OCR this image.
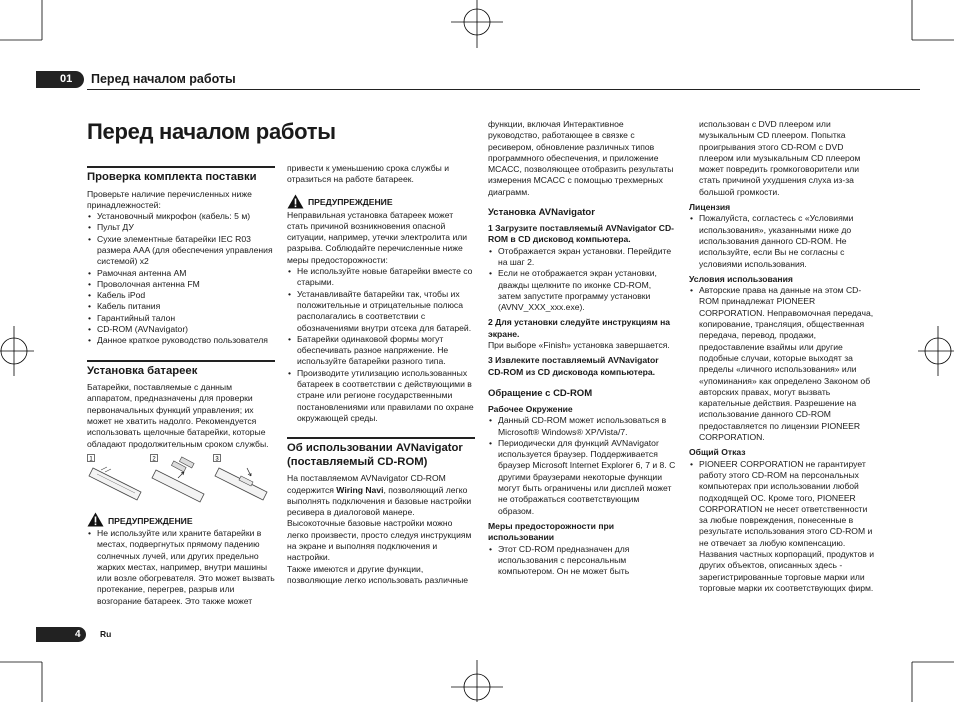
01	Перед началом работы
Перед началом работы
Проверка комплекта поставки
Проверьте наличие перечисленных ниже принадлежностей:
• Установочный микрофон (кабель: 5 м)
• Пульт ДУ
• Сухие элементные батарейки IEC R03 размера AAA (для обеспечения управления системой) x2
• Рамочная антенна AM
• Проволочная антенна FM
• Кабель iPod
• Кабель питания
• Гарантийный талон
• CD-ROM (AVNavigator)
• Данное краткое руководство пользователя
Установка батареек
Батарейки, поставляемые с данным аппаратом, предназначены для проверки первоначальных функций управления; их может не хватить надолго. Рекомендуется использовать щелочные батарейки, которые обладают продолжительным сроком службы.
1	2	3
ПРЕДУПРЕЖДЕНИЕ
• Не используйте или храните батарейки в местах, подвергнутых прямому падению солнечных лучей, или других предельно жарких местах, например, внутри машины или возле обогревателя. Это может вызвать протекание, перегрев, разрыв или возгорание батареек. Это также может
привести к уменьшению срока службы и отразиться на работе батареек.
ПРЕДУПРЕЖДЕНИЕ
Неправильная установка батареек может стать причиной возникновения опасной ситуации, например, утечки электролита или разрыва. Соблюдайте перечисленные ниже меры предосторожности:
• Не используйте новые батарейки вместе со старыми.
• Устанавливайте батарейки так, чтобы их положительные и отрицательные полюса располагались в соответствии с обозначениями внутри отсека для батарей.
• Батарейки одинаковой формы могут обеспечивать разное напряжение. Не используйте батарейки разного типа.
• Производите утилизацию использованных батареек в соответствии с действующими в стране или регионе государственными постановлениями или правилами по охране окружающей среды.
Об использовании AVNavigator (поставляемый CD-ROM)
На поставляемом AVNavigator CD-ROM содержится Wiring Navi, позволяющий легко выполнять подключения и базовые настройки ресивера в диалоговой манере. Высокоточные базовые настройки можно легко произвести, просто следуя инструкциям на экране и выполняя подключения и настройки.
Также имеются и другие функции, позволяющие легко использовать различные
функции, включая Интерактивное руководство, работающее в связке с ресивером, обновление различных типов программного обеспечения, и приложение MCACC, позволяющее отобразить результаты измерения MCACC с помощью трехмерных диаграмм.
Установка AVNavigator
1 Загрузите поставляемый AVNavigator CD-ROM в CD дисковод компьютера.
• Отображается экран установки. Перейдите на шаг 2.
• Если не отображается экран установки, дважды щелкните по иконке CD-ROM, затем запустите программу установки (AVNV_XXX_xxx.exe).
2 Для установки следуйте инструкциям на экране.
При выборе «Finish» установка завершается.
3 Извлеките поставляемый AVNavigator CD-ROM из CD дисковода компьютера.
Обращение с CD-ROM
Рабочее Окружение
• Данный CD-ROM может использоваться в Microsoft® Windows® XP/Vista/7.
• Периодически для функций AVNavigator используется браузер. Поддерживается браузер Microsoft Internet Explorer 6, 7 и 8. С другими браузерами некоторые функции могут быть ограничены или дисплей может не отображаться соответствующим образом.
Меры предосторожности при использовании
• Этот CD-ROM предназначен для использования с персональным компьютером. Он не может быть
использован с DVD плеером или музыкальным CD плеером. Попытка проигрывания этого CD-ROM с DVD плеером или музыкальным CD плеером может повредить громкоговорители или стать причиной ухудшения слуха из-за большой громкости.
Лицензия
• Пожалуйста, согластесь с «Условиями использования», указанными ниже до использования данного CD-ROM. Не используйте, если Вы не согласны с условиями использования.
Условия использования
• Авторские права на данные на этом CD-ROM принадлежат PIONEER CORPORATION. Неправомочная передача, копирование, трансляция, общественная передача, перевод, продажи, предоставление взаймы или другие подобные случаи, которые выходят за пределы «личного использования» или «упоминания» как определено Законом об авторских правах, могут вызвать карательные действия. Разрешение на использование данного CD-ROM предоставляется по лицензии PIONEER CORPORATION.
Общий Отказ
• PIONEER CORPORATION не гарантирует работу этого CD-ROM на персональных компьютерах при использовании любой подходящей ОС. Кроме того, PIONEER CORPORATION не несет ответственности за любые повреждения, понесенные в результате использования этого CD-ROM и не отвечает за любую компенсацию. Названия частных корпораций, продуктов и других объектов, описанных здесь - зарегистрированные торговые марки или торговые марки их соответствующих фирм.
4	Ru
